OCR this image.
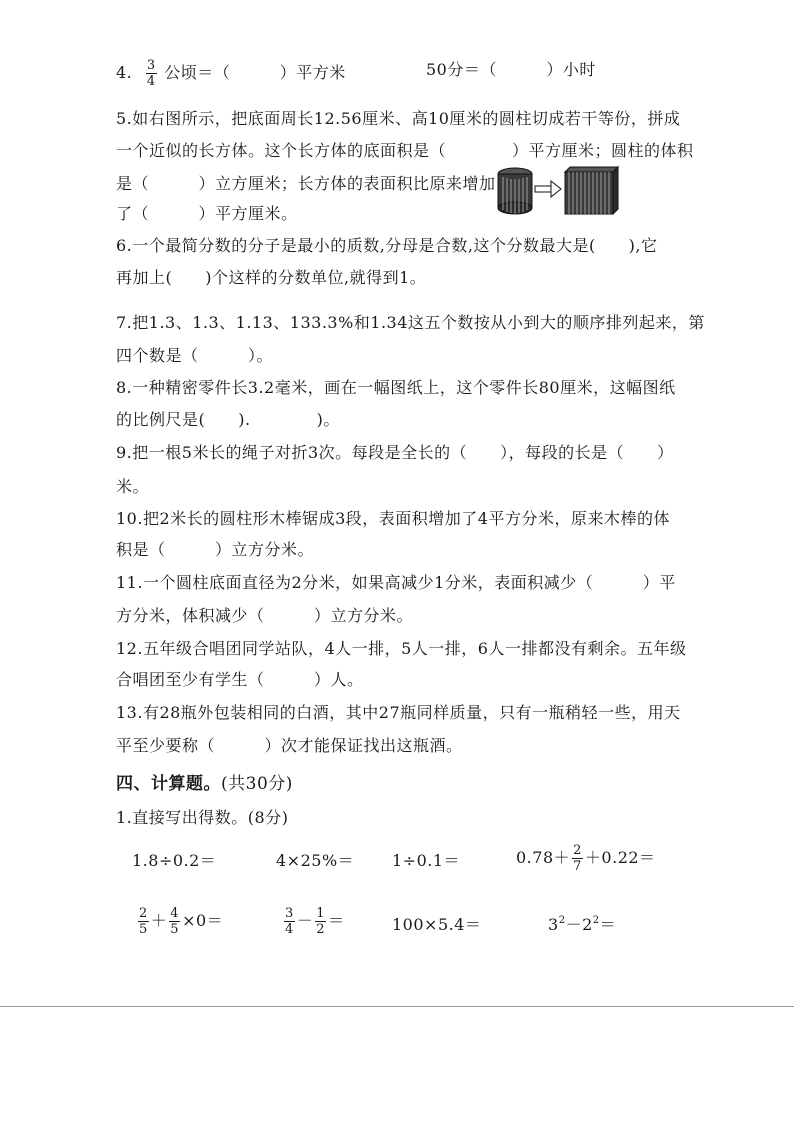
4. $\frac{3}{4}$ 公顷＝（　　　）平方米	50分＝（　　　）小时
5.如右图所示，把底面周长12.56厘米、高10厘米的圆柱切成若干等份，拼成
一个近似的长方体。这个长方体的底面积是（　　　　）平方厘米；圆柱的体积
是（　　　）立方厘米；长方体的表面积比原来增加
了（　　　）平方厘米。
6.一个最简分数的分子是最小的质数,分母是合数,这个分数最大是(　　),它
再加上(　　)个这样的分数单位,就得到1。
7.把1.3、1.3、1.13、133.3%和1.34这五个数按从小到大的顺序排列起来，第
四个数是（　　　）。
8.一种精密零件长3.2毫米，画在一幅图纸上，这个零件长80厘米，这幅图纸
的比例尺是(　　).　　　　)。
9.把一根5米长的绳子对折3次。每段是全长的（　　），每段的长是（　　）
米。
10.把2米长的圆柱形木棒锯成3段，表面积增加了4平方分米，原来木棒的体
积是（　　　）立方分米。
11.一个圆柱底面直径为2分米，如果高减少1分米，表面积减少（　　　）平
方分米，体积减少（　　　）立方分米。
12.五年级合唱团同学站队，4人一排，5人一排，6人一排都没有剩余。五年级
合唱团至少有学生（　　　）人。
13.有28瓶外包装相同的白酒，其中27瓶同样质量，只有一瓶稍轻一些，用天
平至少要称（　　　）次才能保证找出这瓶酒。
四、计算题。(共30分)
1.直接写出得数。(8分)
1.8÷0.2＝	4×25%＝ 1÷0.1＝	$0.78+ \frac{2}{7} +0.22=$
$\frac{2}{5} + \frac{4}{5} \times 0=$	$\frac{3}{4} - \frac{1}{2}$ ＝	100×5.4＝	$3^2-2^2=$
